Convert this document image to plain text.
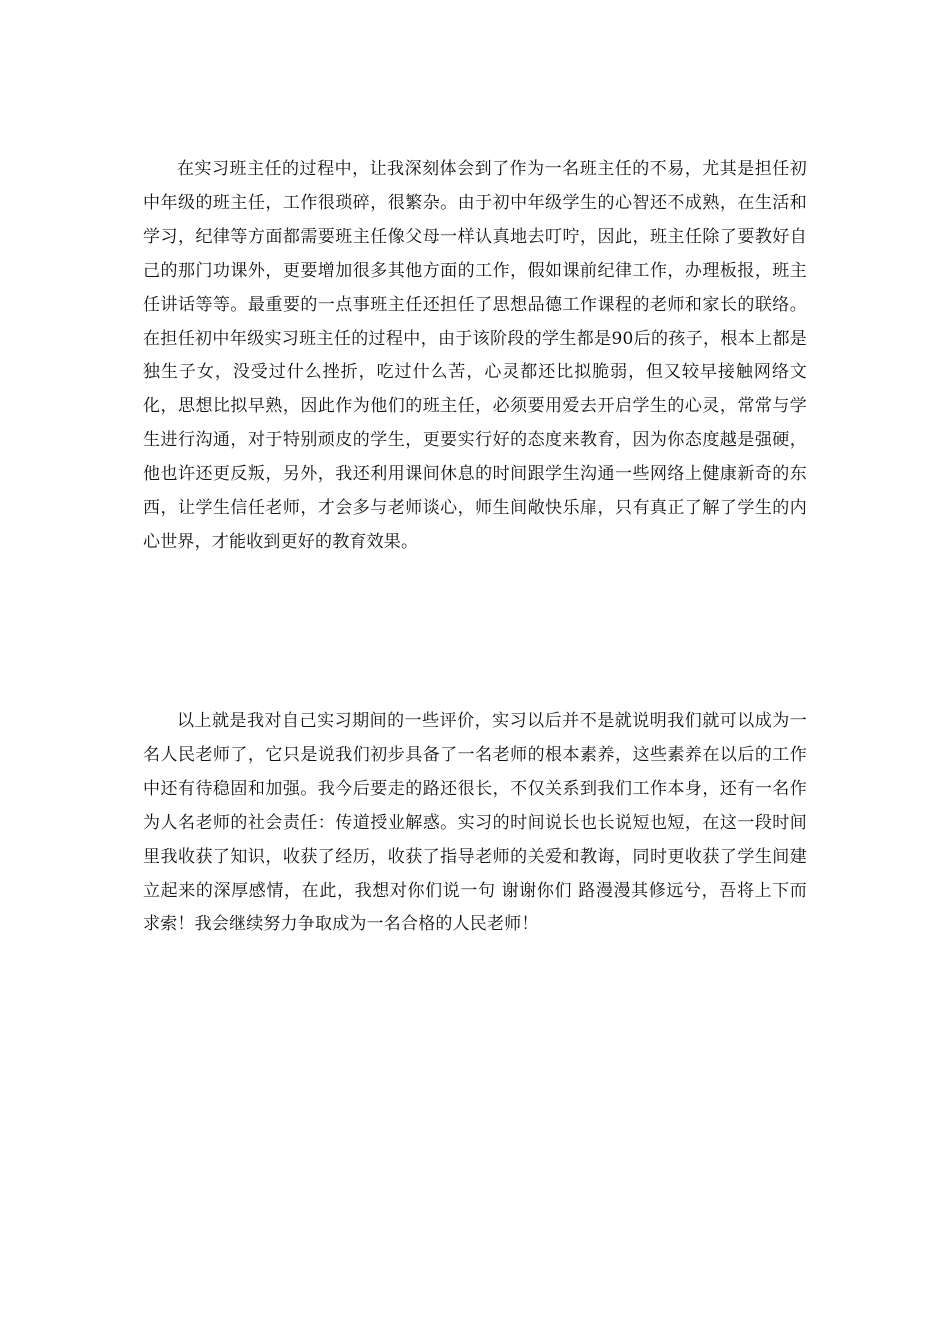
在实习班主任的过程中，让我深刻体会到了作为一名班主任的不易，尤其是担任初中年级的班主任，工作很琐碎，很繁杂。由于初中年级学生的心智还不成熟，在生活和学习，纪律等方面都需要班主任像父母一样认真地去叮咛，因此，班主任除了要教好自己的那门功课外，更要增加很多其他方面的工作，假如课前纪律工作，办理板报，班主任讲话等等。最重要的一点事班主任还担任了思想品德工作课程的老师和家长的联络。在担任初中年级实习班主任的过程中，由于该阶段的学生都是90后的孩子，根本上都是独生子女，没受过什么挫折，吃过什么苦，心灵都还比拟脆弱，但又较早接触网络文化，思想比拟早熟，因此作为他们的班主任，必须要用爱去开启学生的心灵，常常与学生进行沟通，对于特别顽皮的学生，更要实行好的态度来教育，因为你态度越是强硬，他也许还更反叛，另外，我还利用课间休息的时间跟学生沟通一些网络上健康新奇的东西，让学生信任老师，才会多与老师谈心，师生间敞快乐扉，只有真正了解了学生的内心世界，才能收到更好的教育效果。

以上就是我对自己实习期间的一些评价，实习以后并不是就说明我们就可以成为一名人民老师了，它只是说我们初步具备了一名老师的根本素养，这些素养在以后的工作中还有待稳固和加强。我今后要走的路还很长，不仅关系到我们工作本身，还有一名作为人名老师的社会责任：传道授业解惑。实习的时间说长也长说短也短，在这一段时间里我收获了知识，收获了经历，收获了指导老师的关爱和教诲，同时更收获了学生间建立起来的深厚感情，在此，我想对你们说一句 谢谢你们 路漫漫其修远兮，吾将上下而求索！我会继续努力争取成为一名合格的人民老师！
